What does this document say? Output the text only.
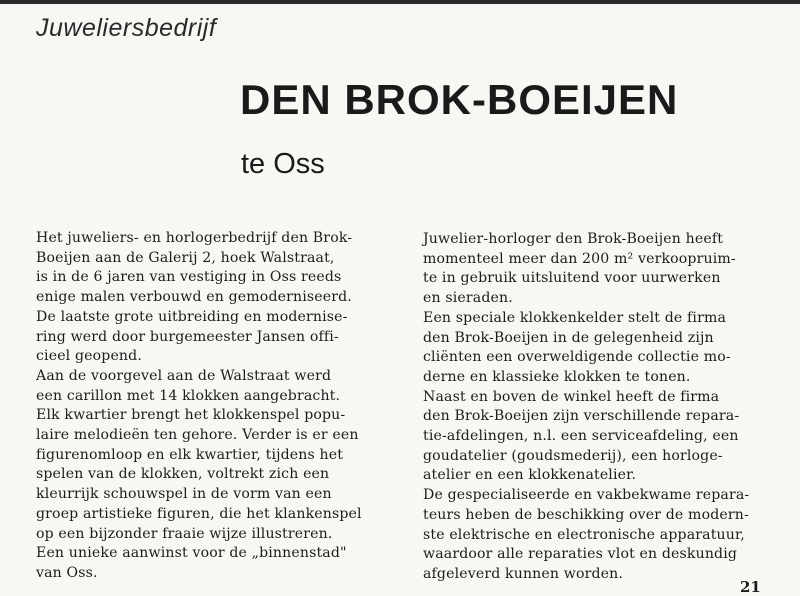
Juweliersbedrijf
DEN BROK-BOEIJEN
te Oss
Het juweliers- en horlogerbedrijf den Brok-
Boeijen aan de Galerij 2, hoek Walstraat,
is in de 6 jaren van vestiging in Oss reeds
enige malen verbouwd en gemoderniseerd.
De laatste grote uitbreiding en modernise-
ring werd door burgemeester Jansen offi-
cieel geopend.
Aan de voorgevel aan de Walstraat werd
een carillon met 14 klokken aangebracht.
Elk kwartier brengt het klokkenspel popu-
laire melodieën ten gehore. Verder is er een
figurenomloop en elk kwartier, tijdens het
spelen van de klokken, voltrekt zich een
kleurrijk schouwspel in de vorm van een
groep artistieke figuren, die het klankenspel
op een bijzonder fraaie wijze illustreren.
Een unieke aanwinst voor de „binnenstad"
van Oss.
Juwelier-horloger den Brok-Boeijen heeft
momenteel meer dan 200 m² verkoopruim-
te in gebruik uitsluitend voor uurwerken
en sieraden.
Een speciale klokkenkelder stelt de firma
den Brok-Boeijen in de gelegenheid zijn
cliënten een overweldigende collectie mo-
derne en klassieke klokken te tonen.
Naast en boven de winkel heeft de firma
den Brok-Boeijen zijn verschillende repara-
tie-afdelingen, n.l. een serviceafdeling, een
goudatelier (goudsmederij), een horloge-
atelier en een klokkenatelier.
De gespecialiseerde en vakbekwame repara-
teurs heben de beschikking over de modern-
ste elektrische en electronische apparatuur,
waardoor alle reparaties vlot en deskundig
afgeleverd kunnen worden.
21
